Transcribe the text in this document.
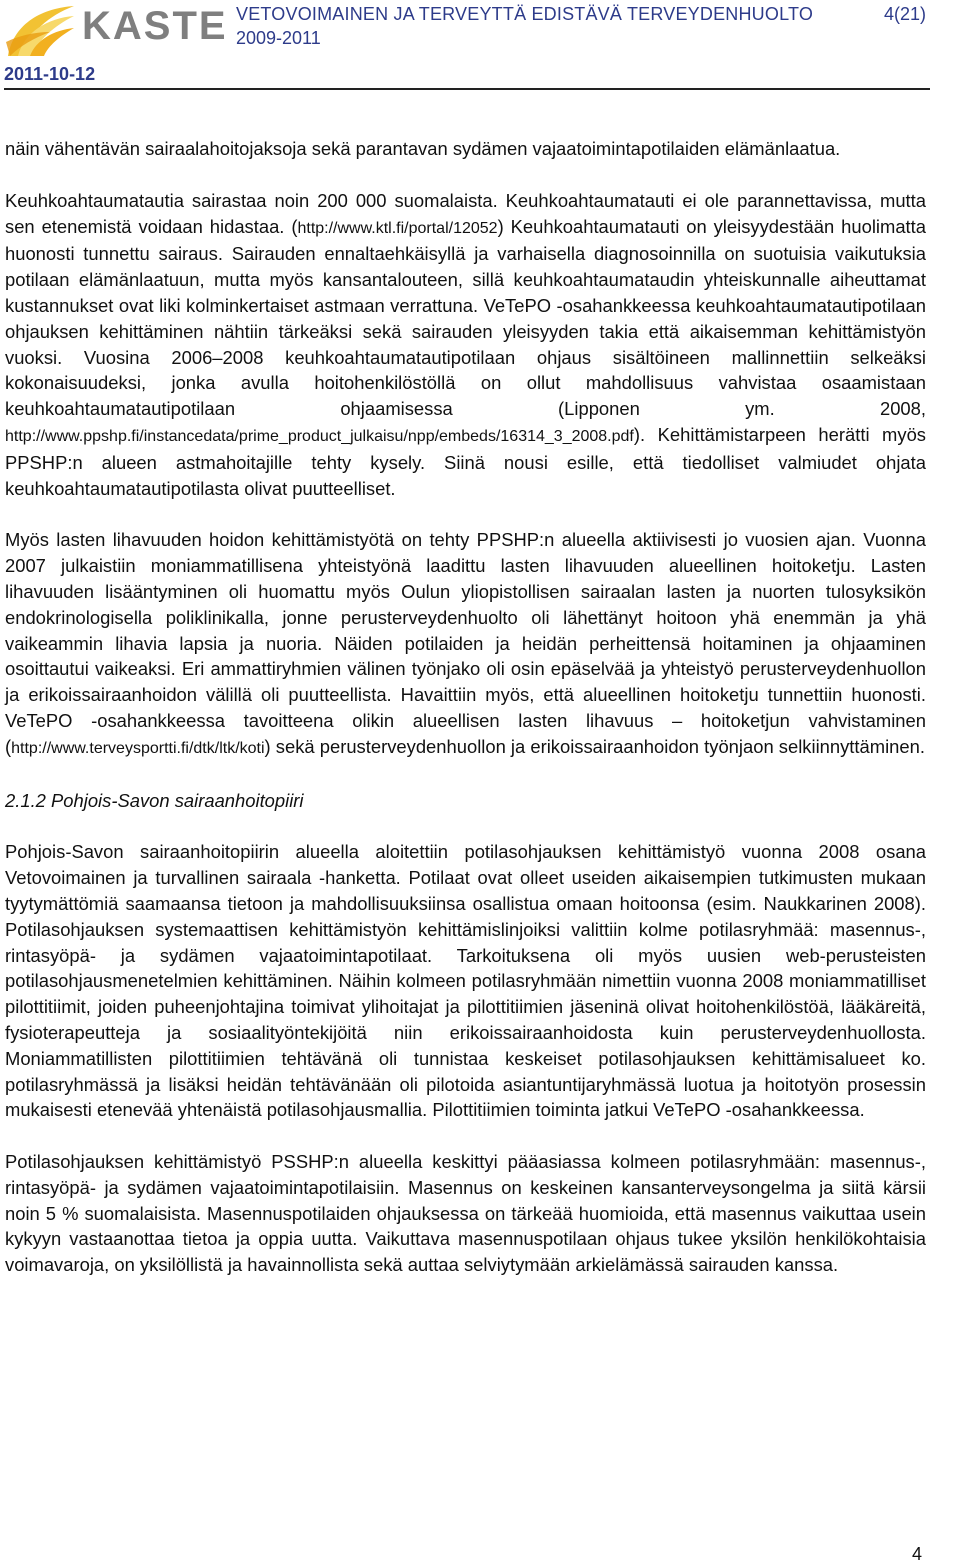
KASTE VETOVOIMAINEN JA TERVEYTTÄ EDISTÄVÄ TERVEYDENHUOLTO
2009-2011
4(21)
2011-10-12

näin vähentävän sairaalahoitojaksoja sekä parantavan sydämen vajaatoimintapotilaiden elämänlaatua.

Keuhkoahtaumatautia sairastaa noin 200 000 suomalaista. Keuhkoahtaumatauti ei ole parannettavissa, mutta sen etenemistä voidaan hidastaa. (http://www.ktl.fi/portal/12052) Keuhkoahtaumatauti on yleisyydestään huolimatta huonosti tunnettu sairaus. Sairauden ennaltaehkäisyllä ja varhaisella diagnosoinnilla on suotuisia vaikutuksia potilaan elämänlaatuun, mutta myös kansantalouteen, sillä keuhkoahtaumataudin yhteiskunnalle aiheuttamat kustannukset ovat liki kolminkertaiset astmaan verrattuna. VeTePO -osahankkeessa keuhkoahtaumatautipotilaan ohjauksen kehittäminen nähtiin tärkeäksi sekä sairauden yleisyyden takia että aikaisemman kehittämistyön vuoksi. Vuosina 2006–2008 keuhkoahtaumatautipotilaan ohjaus sisältöineen mallinnettiin selkeäksi kokonaisuudeksi, jonka avulla hoitohenkilöstöllä on ollut mahdollisuus vahvistaa osaamistaan keuhkoahtaumatautipotilaan ohjaamisessa (Lipponen ym. 2008, http://www.ppshp.fi/instancedata/prime_product_julkaisu/npp/embeds/16314_3_2008.pdf). Kehittämistarpeen herätti myös PPSHP:n alueen astmahoitajille tehty kysely. Siinä nousi esille, että tiedolliset valmiudet ohjata keuhkoahtaumatautipotilasta olivat puutteelliset.

Myös lasten lihavuuden hoidon kehittämistyötä on tehty PPSHP:n alueella aktiivisesti jo vuosien ajan. Vuonna 2007 julkaistiin moniammatillisena yhteistyönä laadittu lasten lihavuuden alueellinen hoitoketju. Lasten lihavuuden lisääntyminen oli huomattu myös Oulun yliopistollisen sairaalan lasten ja nuorten tulosyksikön endokrinologisella poliklinikalla, jonne perusterveydenhuolto oli lähettänyt hoitoon yhä enemmän ja yhä vaikeammin lihavia lapsia ja nuoria. Näiden potilaiden ja heidän perheittensä hoitaminen ja ohjaaminen osoittautui vaikeaksi. Eri ammattiryhmien välinen työnjako oli osin epäselvää ja yhteistyö perusterveydenhuollon ja erikoissairaanhoidon välillä oli puutteellista. Havaittiin myös, että alueellinen hoitoketju tunnettiin huonosti. VeTePO -osahankkeessa tavoitteena olikin alueellisen lasten lihavuus – hoitoketjun vahvistaminen (http://www.terveysportti.fi/dtk/ltk/koti) sekä perusterveydenhuollon ja erikoissairaanhoidon työnjaon selkiinnyttäminen.

2.1.2 Pohjois-Savon sairaanhoitopiiri

Pohjois-Savon sairaanhoitopiirin alueella aloitettiin potilasohjauksen kehittämistyö vuonna 2008 osana Vetovoimainen ja turvallinen sairaala -hanketta. Potilaat ovat olleet useiden aikaisempien tutkimusten mukaan tyytymättömiä saamaansa tietoon ja mahdollisuuksiinsa osallistua omaan hoitoonsa (esim. Naukkarinen 2008). Potilasohjauksen systemaattisen kehittämistyön kehittämislinjoiksi valittiin kolme potilasryhmää: masennus-, rintasyöpä- ja sydämen vajaatoimintapotilaat. Tarkoituksena oli myös uusien web-perusteisten potilasohjausmenetelmien kehittäminen. Näihin kolmeen potilasryhmään nimettiin vuonna 2008 moniammatilliset pilottitiimit, joiden puheenjohtajina toimivat ylihoitajat ja pilottitiimien jäseninä olivat hoitohenkilöstöä, lääkäreitä, fysioterapeutteja ja sosiaalityöntekijöitä niin erikoissairaanhoidosta kuin perusterveydenhuollosta. Moniammatillisten pilottitiimien tehtävänä oli tunnistaa keskeiset potilasohjauksen kehittämisalueet ko. potilasryhmässä ja lisäksi heidän tehtävänään oli pilotoida asiantuntijaryhmässä luotua ja hoitotyön prosessin mukaisesti etenevää yhtenäistä potilasohjausmallia. Pilottitiimien toiminta jatkui VeTePO -osahankkeessa.

Potilasohjauksen kehittämistyö PSSHP:n alueella keskittyi pääasiassa kolmeen potilasryhmään: masennus-, rintasyöpä- ja sydämen vajaatoimintapotilaisiin. Masennus on keskeinen kansanterveysongelma ja siitä kärsii noin 5 % suomalaisista. Masennuspotilaiden ohjauksessa on tärkeää huomioida, että masennus vaikuttaa usein kykyyn vastaanottaa tietoa ja oppia uutta. Vaikuttava masennuspotilaan ohjaus tukee yksilön henkilökohtaisia voimavaroja, on yksilöllistä ja havainnollista sekä auttaa selviytymään arkielämässä sairauden kanssa.

4
